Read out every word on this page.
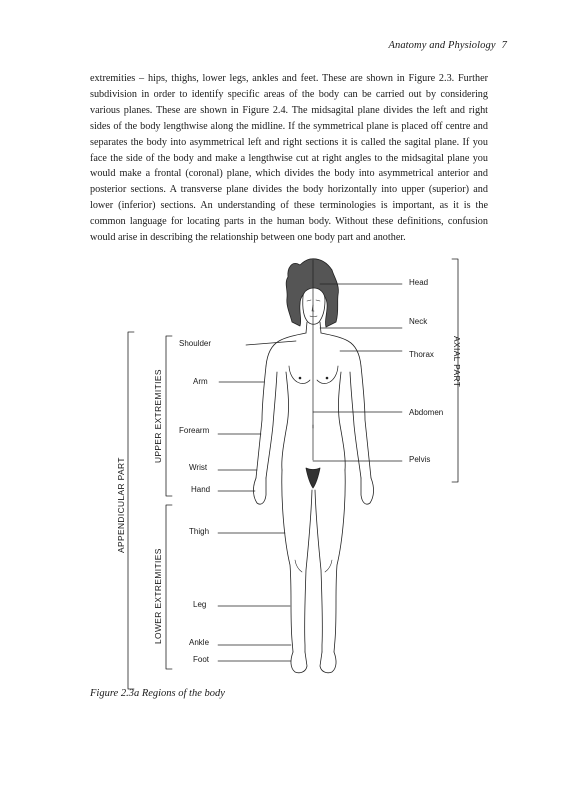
Anatomy and Physiology 7

extremities – hips, thighs, lower legs, ankles and feet. These are shown in Figure 2.3. Further subdivision in order to identify specific areas of the body can be carried out by considering various planes. These are shown in Figure 2.4. The midsagital plane divides the left and right sides of the body lengthwise along the midline. If the symmetrical plane is placed off centre and separates the body into asymmetrical left and right sections it is called the sagital plane. If you face the side of the body and make a lengthwise cut at right angles to the midsagital plane you would make a frontal (coronal) plane, which divides the body into asymmetrical anterior and posterior sections. A transverse plane divides the body horizontally into upper (superior) and lower (inferior) sections. An understanding of these terminologies is important, as it is the common language for locating parts in the human body. Without these definitions, confusion would arise in describing the relationship between one body part and another.

Head
Neck
Thorax
Abdomen
Pelvis
Shoulder
Arm
Forearm
Wrist
Hand
Thigh
Leg
Ankle
Foot
AXIAL PART
APPENDICULAR PART
UPPER EXTREMITIES
LOWER EXTREMITIES
Figure 2.3a Regions of the body
